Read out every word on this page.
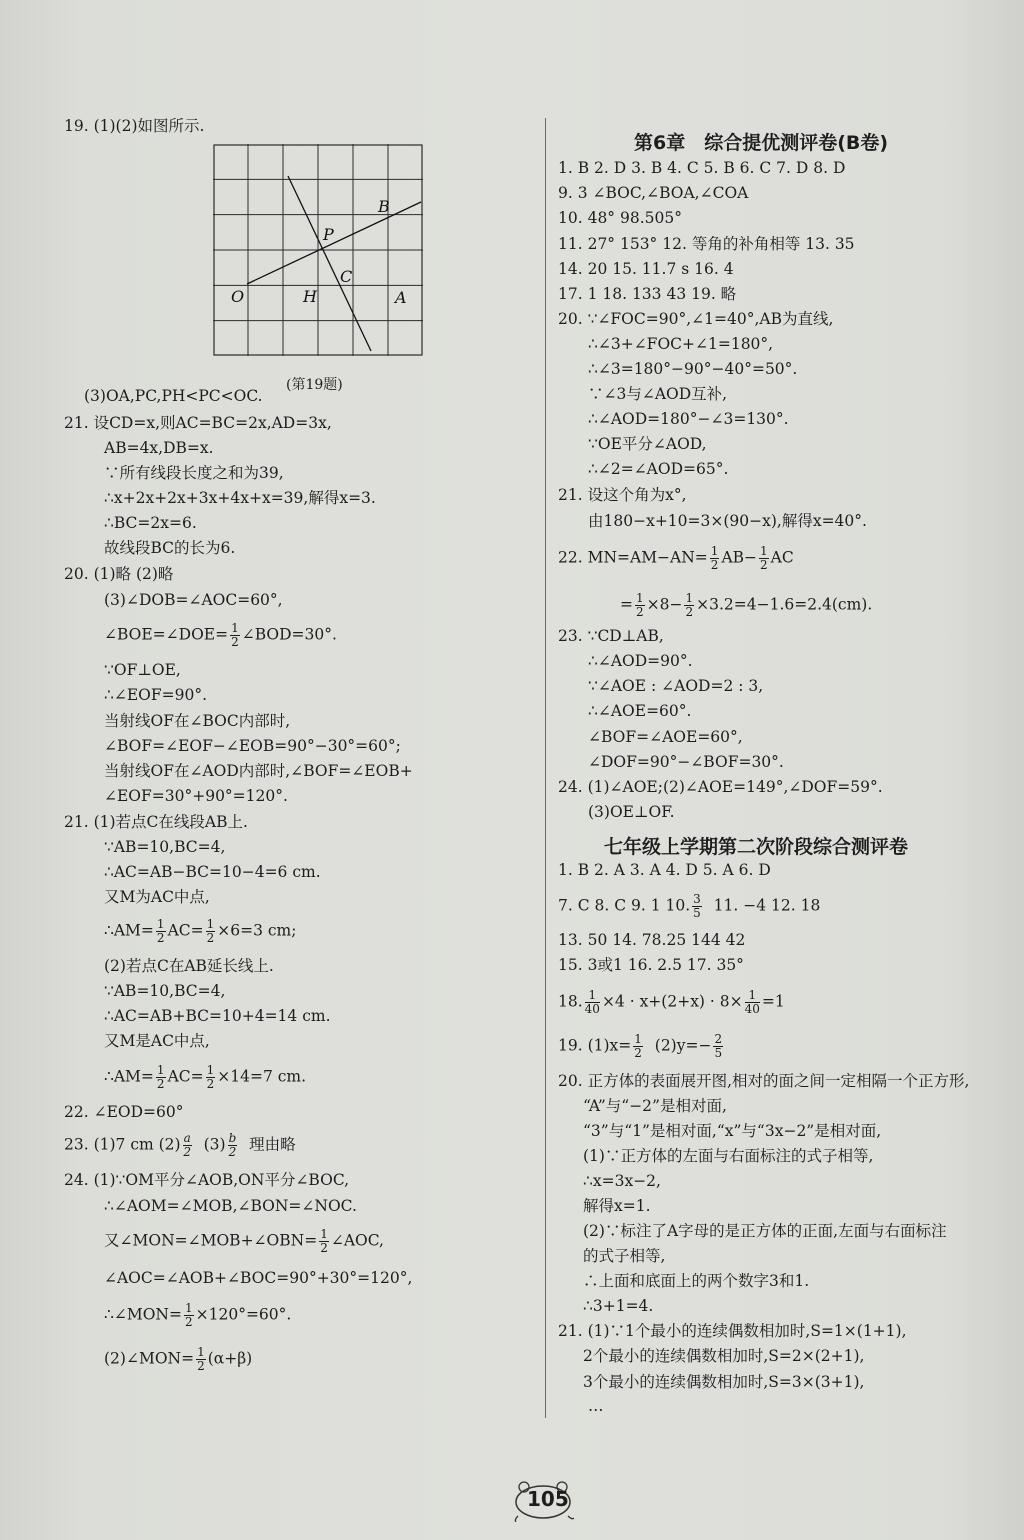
19. (1)(2)如图所示.
B
P
C
O	H	A
(第19题)
(3)OA,PC,PH<PC<OC.
21. 设CD=x,则AC=BC=2x,AD=3x,
AB=4x,DB=x.
∵所有线段长度之和为39,
∴x+2x+2x+3x+4x+x=39,解得x=3.
∴BC=2x=6.
故线段BC的长为6.
20. (1)略 (2)略
(3)∠DOB=∠AOC=60°,
∠BOE=∠DOE= $\frac{1}{2}$ ∠BOD=30°.
∵OF⊥OE,
∴∠EOF=90°.
当射线OF在∠BOC内部时,
∠BOF=∠EOF−∠EOB=90°−30°=60°;
当射线OF在∠AOD内部时,∠BOF=∠EOB+
∠EOF=30°+90°=120°.
21. (1)若点C在线段AB上.
∵AB=10,BC=4,
∴AC=AB−BC=10−4=6 cm.
又M为AC中点,
∴AM= $\frac{1}{2} AC= \frac{1}{2} \times 6=3$ cm;
(2)若点C在AB延长线上.
∵AB=10,BC=4,
∴AC=AB+BC=10+4=14 cm.
又M是AC中点,
∴AM= $\frac{1}{2} AC= \frac{1}{2} \times 14=7$ cm.
22. ∠EOD=60°
23. (1)7 cm $(2) \frac{a}{2} (3) \frac{b}{2}$ 理由略
24. (1)∵OM平分∠AOB,ON平分∠BOC,
∴∠AOM=∠MOB,∠BON=∠NOC.
又∠MON=∠MOB+∠OBN= $\frac{1}{2}$ ∠AOC,
∠AOC=∠AOB+∠BOC=90°+30°=120°,
∴∠MON= $\frac{1}{2} \times 120^\circ=60^\circ$.
(2)∠MON= $\frac{1}{2} (\alpha+\beta)$
第6章　综合提优测评卷(B卷)
1. B 2. D 3. B 4. C 5. B 6. C 7. D 8. D
9. 3 ∠BOC,∠BOA,∠COA
10. 48° 98.505°
11. 27° 153° 12. 等角的补角相等 13. 35
14. 20 15. 11.7 s 16. 4
17. 1 18. 133 43 19. 略
20. ∵∠FOC=90°,∠1=40°,AB为直线,
∴∠3+∠FOC+∠1=180°,
∴∠3=180°−90°−40°=50°.
∵∠3与∠AOD互补,
∴∠AOD=180°−∠3=130°.
∵OE平分∠AOD,
∴∠2=∠AOD=65°.
21. 设这个角为x°,
由180−x+10=3×(90−x),解得x=40°.
22. $MN=AM-AN= \frac{1}{2} AB- \frac{1}{2}$ AC
= $\frac{1}{2} \times 8- \frac{1}{2} \times 3.2=4-1.6=2.4(cm)$.
23. ∵CD⊥AB,
∴∠AOD=90°.
∵∠AOE : ∠AOD=2 : 3,
∴∠AOE=60°.
∠BOF=∠AOE=60°,
∠DOF=90°−∠BOF=30°.
24. (1)∠AOE;(2)∠AOE=149°,∠DOF=59°.
(3)OE⊥OF.
七年级上学期第二次阶段综合测评卷
1. B 2. A 3. A 4. D 5. A 6. D
7. C 8. C 9. 1 10. $\frac{3}{5} 11$. −4 12. 18
13. 50 14. 78.25 144 42
15. 3或1 16. 2.5 17. 35°
18. $\frac{1}{40} \times 4 \cdot x+(2+x) \cdot 8\times \frac{1}{40} =1$
19. $(1)x= \frac{1}{2} (2)y=- \frac{2}{5}$
20. 正方体的表面展开图,相对的面之间一定相隔一个正方形,
“A”与“−2”是相对面,
“3”与“1”是相对面,“x”与“3x−2”是相对面,
(1)∵正方体的左面与右面标注的式子相等,
∴x=3x−2,
解得x=1.
(2)∵标注了A字母的是正方体的正面,左面与右面标注
的式子相等,
∴上面和底面上的两个数字3和1.
∴3+1=4.
21. (1)∵1个最小的连续偶数相加时,S=1×(1+1),
2个最小的连续偶数相加时,S=2×(2+1),
3个最小的连续偶数相加时,S=3×(3+1),
…
105
